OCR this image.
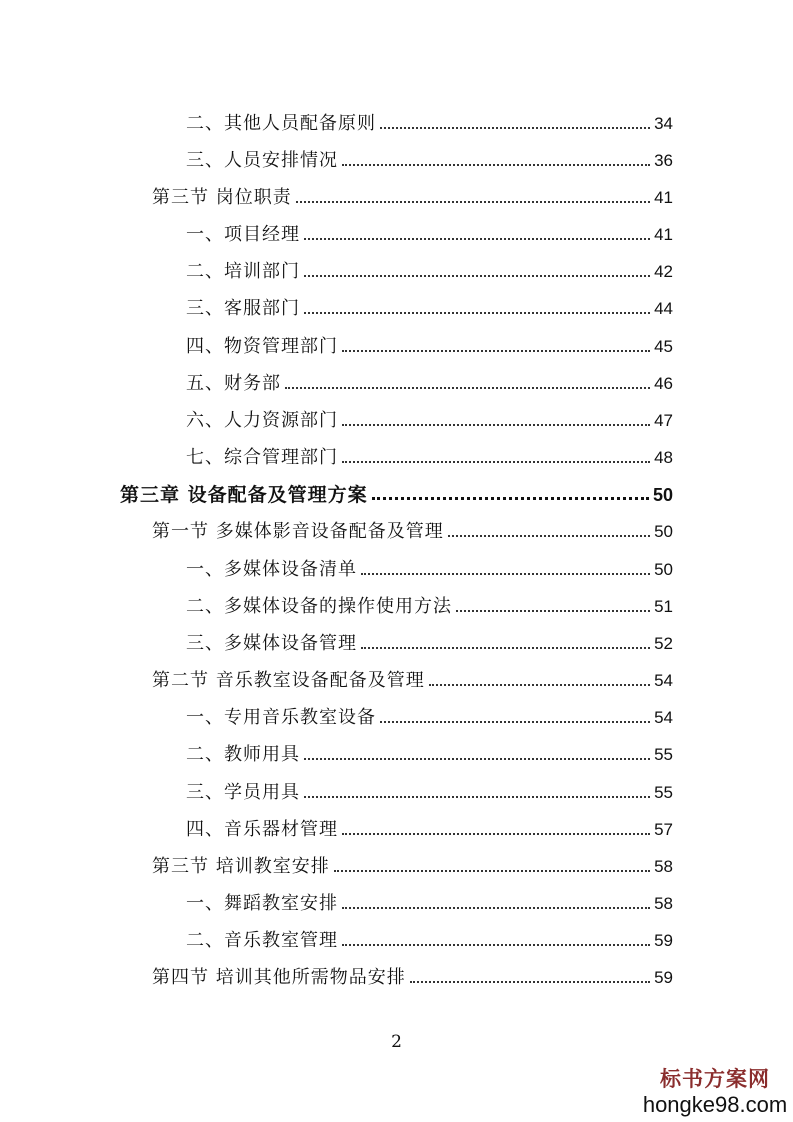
二、其他人员配备原则	34
三、人员安排情况	36
第三节 岗位职责	41
一、项目经理	41
二、培训部门	42
三、客服部门	44
四、物资管理部门	45
五、财务部	46
六、人力资源部门	47
七、综合管理部门	48
第三章 设备配备及管理方案	50
第一节 多媒体影音设备配备及管理	50
一、多媒体设备清单	50
二、多媒体设备的操作使用方法	51
三、多媒体设备管理	52
第二节 音乐教室设备配备及管理	54
一、专用音乐教室设备	54
二、教师用具	55
三、学员用具	55
四、音乐器材管理	57
第三节 培训教室安排	58
一、舞蹈教室安排	58
二、音乐教室管理	59
第四节 培训其他所需物品安排	59
2
标书方案网
hongke98.com
